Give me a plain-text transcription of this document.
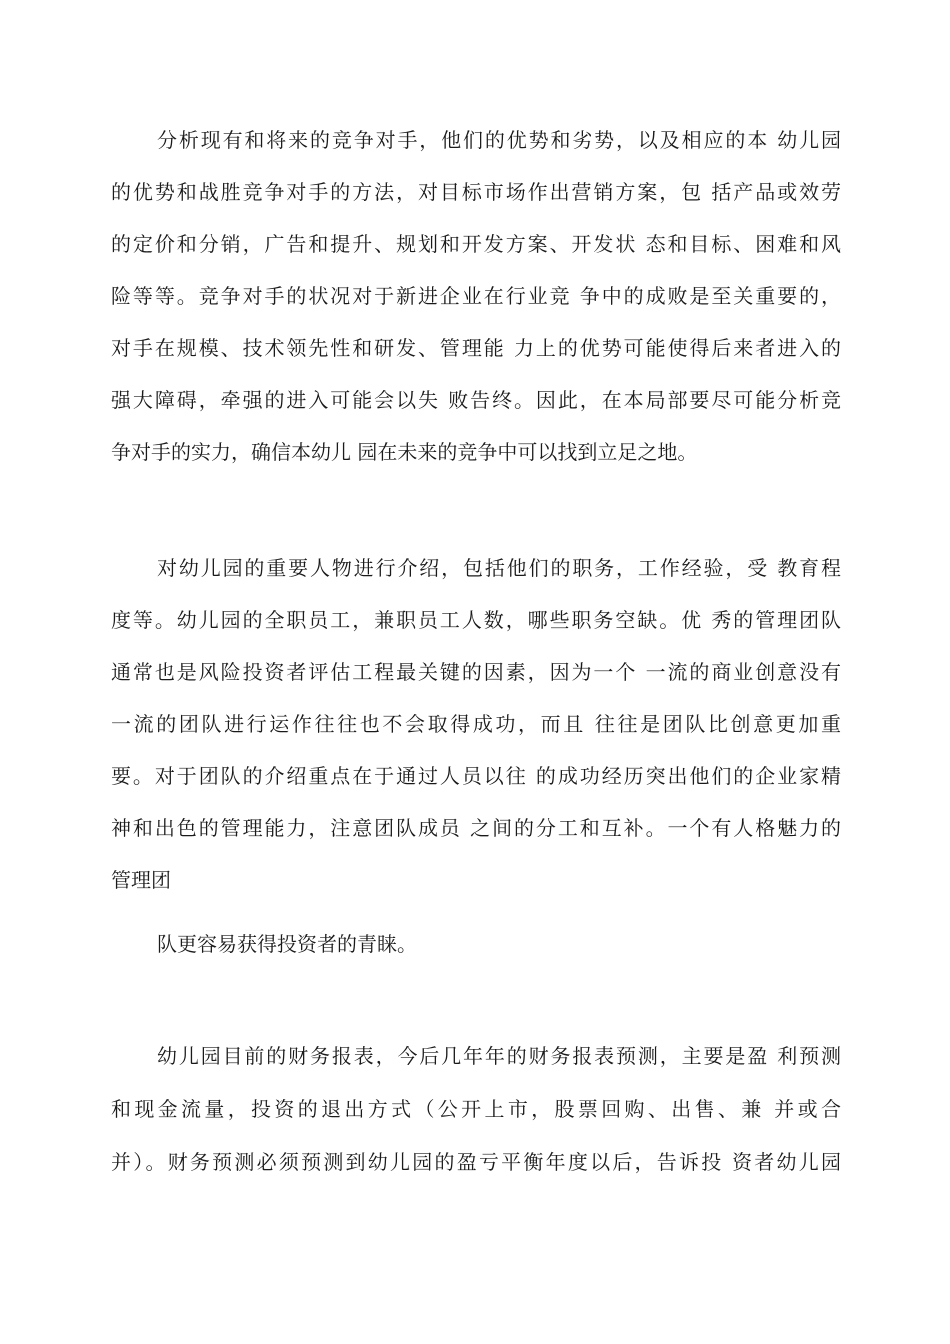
分析现有和将来的竞争对手，他们的优势和劣势，以及相应的本 幼儿园

的优势和战胜竞争对手的方法，对目标市场作出营销方案，包 括产品或效劳

的定价和分销，广告和提升、规划和开发方案、开发状 态和目标、困难和风

险等等。竞争对手的状况对于新进企业在行业竞 争中的成败是至关重要的，

对手在规模、技术领先性和研发、管理能 力上的优势可能使得后来者进入的

强大障碍，牵强的进入可能会以失 败告终。因此，在本局部要尽可能分析竞

争对手的实力，确信本幼儿 园在未来的竞争中可以找到立足之地。

对幼儿园的重要人物进行介绍，包括他们的职务，工作经验，受 教育程

度等。幼儿园的全职员工，兼职员工人数，哪些职务空缺。优 秀的管理团队

通常也是风险投资者评估工程最关键的因素，因为一个 一流的商业创意没有

一流的团队进行运作往往也不会取得成功，而且 往往是团队比创意更加重

要。对于团队的介绍重点在于通过人员以往 的成功经历突出他们的企业家精

神和出色的管理能力，注意团队成员 之间的分工和互补。一个有人格魅力的

管理团

队更容易获得投资者的青睐。

幼儿园目前的财务报表，今后几年年的财务报表预测，主要是盈 利预测

和现金流量，投资的退出方式（公开上市，股票回购、出售、兼 并或合

并）。财务预测必须预测到幼儿园的盈亏平衡年度以后，告诉投 资者幼儿园
